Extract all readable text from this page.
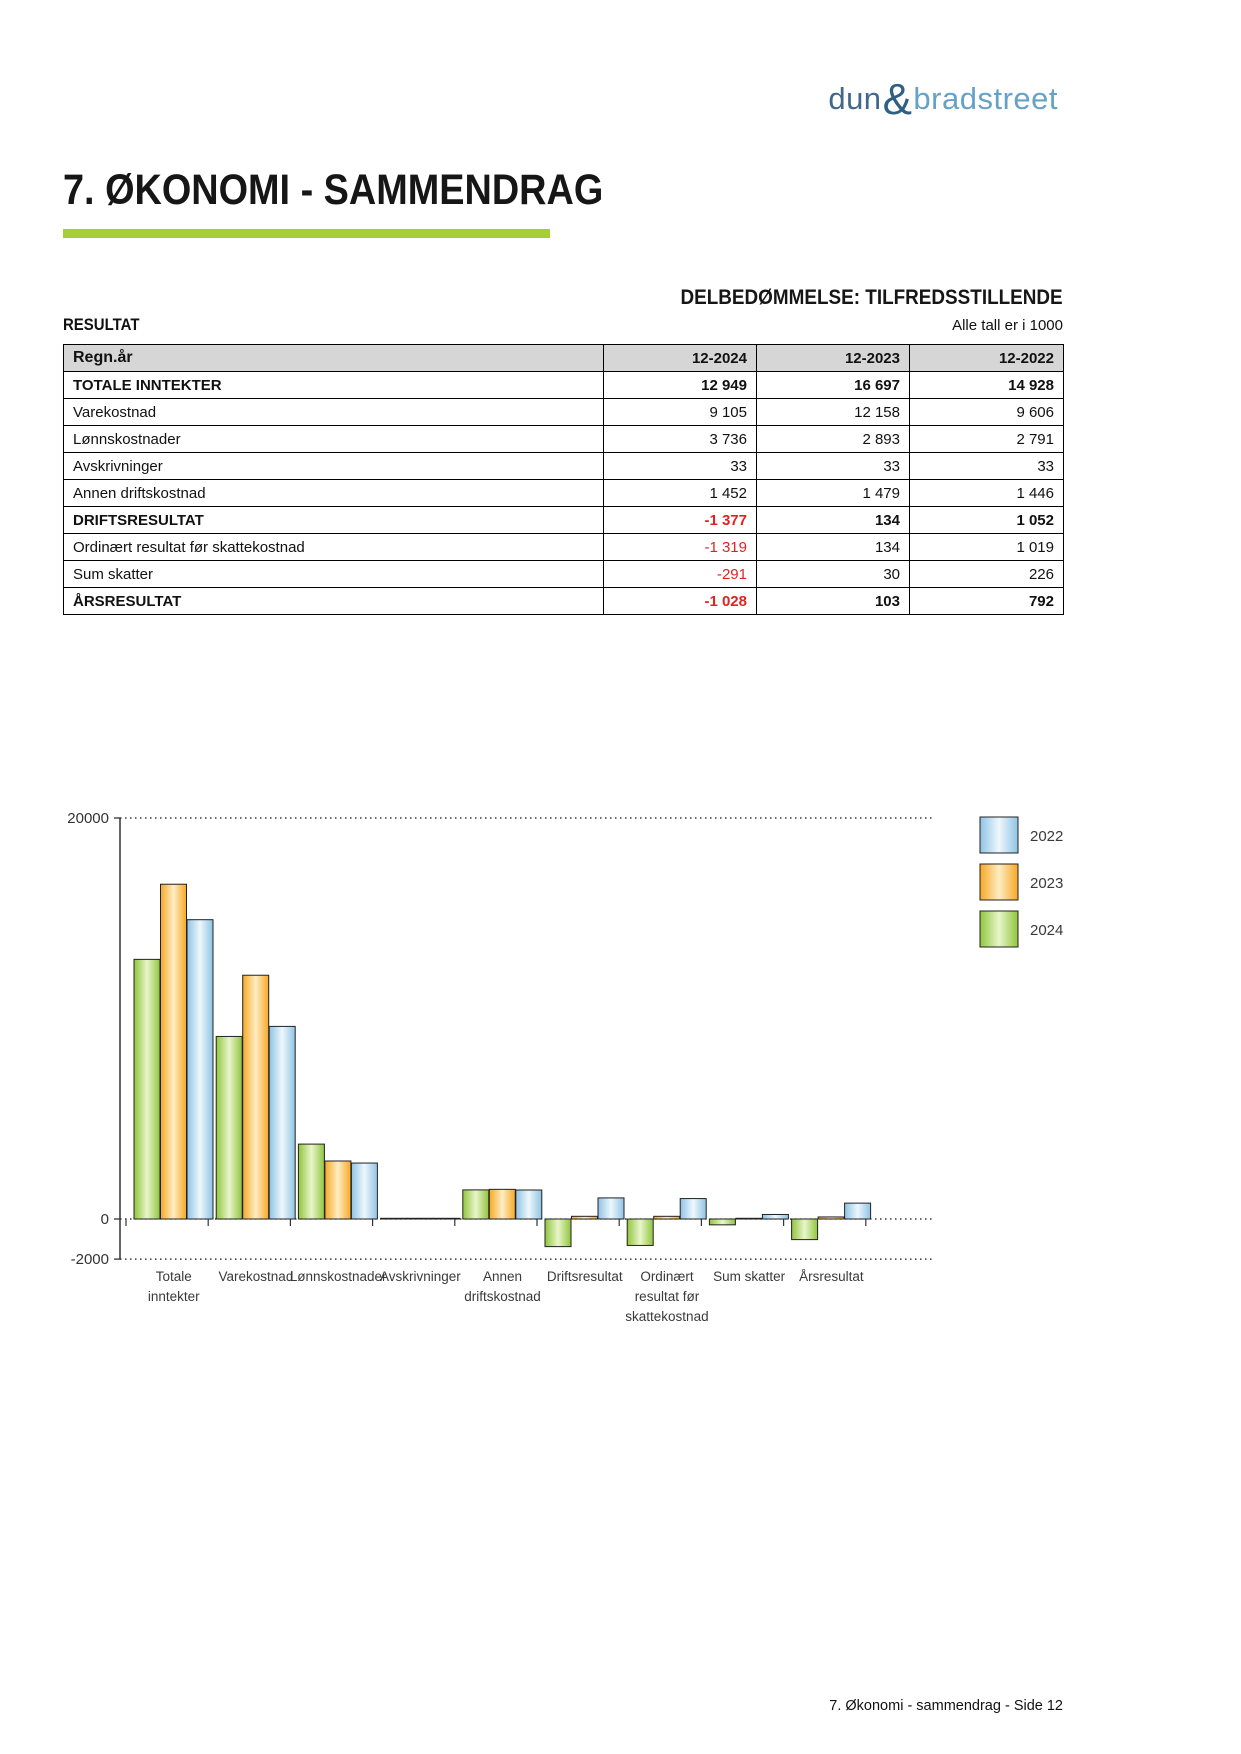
dun&bradstreet
7. ØKONOMI - SAMMENDRAG
DELBEDØMMELSE: TILFREDSSTILLENDE
RESULTAT	Alle tall er i 1000
Regn.år	12-2024	12-2023	12-2022
TOTALE INNTEKTER	12 949	16 697	14 928
Varekostnad	9 105	12 158	9 606
Lønnskostnader	3 736	2 893	2 791
Avskrivninger	33	33	33
Annen driftskostnad	1 452	1 479	1 446
DRIFTSRESULTAT	-1 377	134	1 052
Ordinært resultat før skattekostnad	-1 319	134	1 019
Sum skatter	-291	30	226
ÅRSRESULTAT	-1 028	103	792
20000
0
-2000
Totale
inntekter
Varekostnad
Lønnskostnader
Avskrivninger Annen
driftskostnad
Driftsresultat Ordinært
resultat før
skattekostnad
Sum skatter Årsresultat
2022
2023
2024
7. Økonomi - sammendrag - Side 12
